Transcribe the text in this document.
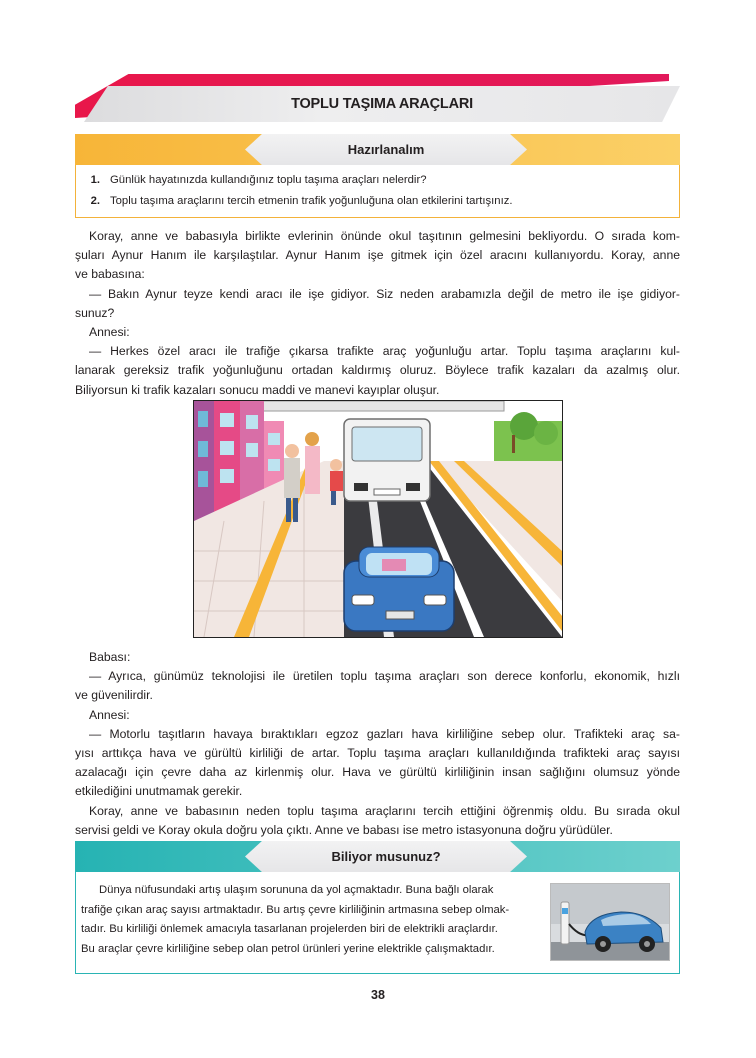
TOPLU TAŞIMA ARAÇLARI
Hazırlanalım
1. Günlük hayatınızda kullandığınız toplu taşıma araçları nelerdir?
2. Toplu taşıma araçlarını tercih etmenin trafik yoğunluğuna olan etkilerini tartışınız.
Koray, anne ve babasıyla birlikte evlerinin önünde okul taşıtının gelmesini bekliyordu. O sırada kom-
şuları Aynur Hanım ile karşılaştılar. Aynur Hanım işe gitmek için özel aracını kullanıyordu. Koray, anne
ve babasına:
— Bakın Aynur teyze kendi aracı ile işe gidiyor. Siz neden arabamızla değil de metro ile işe gidiyor-
sunuz?
Annesi:
— Herkes özel aracı ile trafiğe çıkarsa trafikte araç yoğunluğu artar. Toplu taşıma araçlarını kul-
lanarak gereksiz trafik yoğunluğunu ortadan kaldırmış oluruz. Böylece trafik kazaları da azalmış olur.
Biliyorsun ki trafik kazaları sonucu maddi ve manevi kayıplar oluşur.
Babası:
— Ayrıca, günümüz teknolojisi ile üretilen toplu taşıma araçları son derece konforlu, ekonomik, hızlı
ve güvenilirdir.
Annesi:
— Motorlu taşıtların havaya bıraktıkları egzoz gazları hava kirliliğine sebep olur. Trafikteki araç sa-
yısı arttıkça hava ve gürültü kirliliği de artar. Toplu taşıma araçları kullanıldığında trafikteki araç sayısı
azalacağı için çevre daha az kirlenmiş olur. Hava ve gürültü kirliliğinin insan sağlığını olumsuz yönde
etkilediğini unutmamak gerekir.
Koray, anne ve babasının neden toplu taşıma araçlarını tercih ettiğini öğrenmiş oldu. Bu sırada okul
servisi geldi ve Koray okula doğru yola çıktı. Anne ve babası ise metro istasyonuna doğru yürüdüler.
Biliyor musunuz?
Dünya nüfusundaki artış ulaşım sorununa da yol açmaktadır. Buna bağlı olarak
trafiğe çıkan araç sayısı artmaktadır. Bu artış çevre kirliliğinin artmasına sebep olmak-
tadır. Bu kirliliği önlemek amacıyla tasarlanan projelerden biri de elektrikli araçlardır.
Bu araçlar çevre kirliliğine sebep olan petrol ürünleri yerine elektrikle çalışmaktadır.
38
